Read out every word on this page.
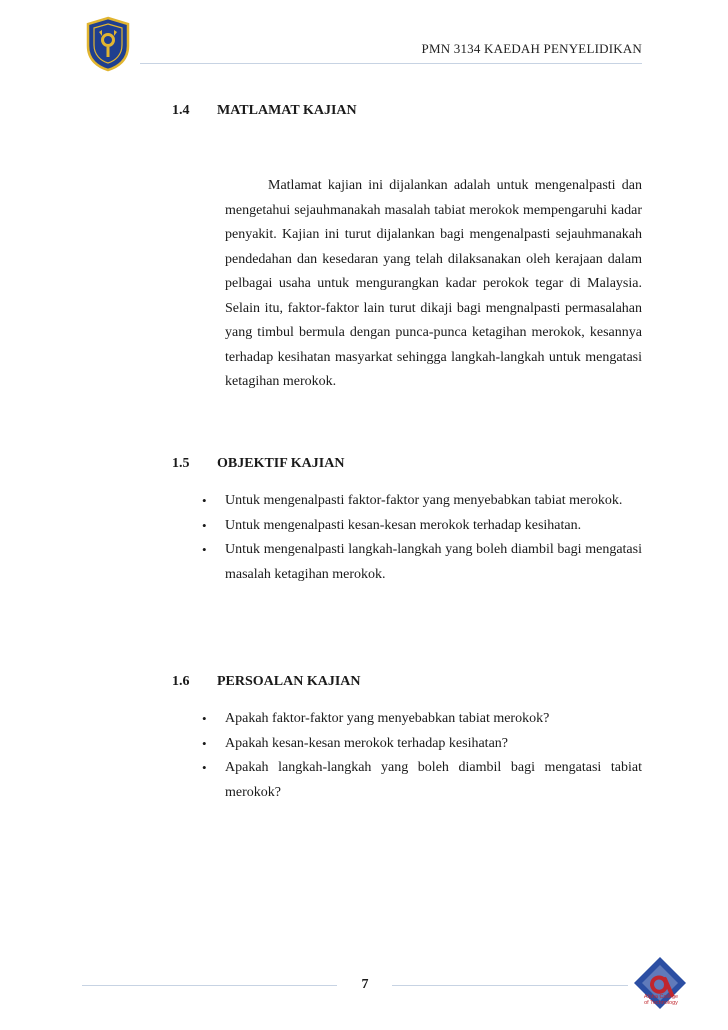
PMN 3134 KAEDAH PENYELIDIKAN
1.4 MATLAMAT KAJIAN

Matlamat kajian ini dijalankan adalah untuk mengenalpasti dan mengetahui sejauhmanakah masalah tabiat merokok mempengaruhi kadar penyakit. Kajian ini turut dijalankan bagi mengenalpasti sejauhmanakah pendedahan dan kesedaran yang telah dilaksanakan oleh kerajaan dalam pelbagai usaha untuk mengurangkan kadar perokok tegar di Malaysia. Selain itu, faktor-faktor lain turut dikaji bagi mengnalpasti permasalahan yang timbul bermula dengan punca-punca ketagihan merokok, kesannya terhadap kesihatan masyarkat sehingga langkah-langkah untuk mengatasi ketagihan merokok.

1.5 OBJEKTIF KAJIAN
• Untuk mengenalpasti faktor-faktor yang menyebabkan tabiat merokok.
• Untuk mengenalpasti kesan-kesan merokok terhadap kesihatan.
• Untuk mengenalpasti langkah-langkah yang boleh diambil bagi mengatasi masalah ketagihan merokok.
1.6 PERSOALAN KAJIAN
• Apakah faktor-faktor yang menyebabkan tabiat merokok?
• Apakah kesan-kesan merokok terhadap kesihatan?
• Apakah langkah-langkah yang boleh diambil bagi mengatasi tabiat merokok?
7
Alpha College
of Technology
